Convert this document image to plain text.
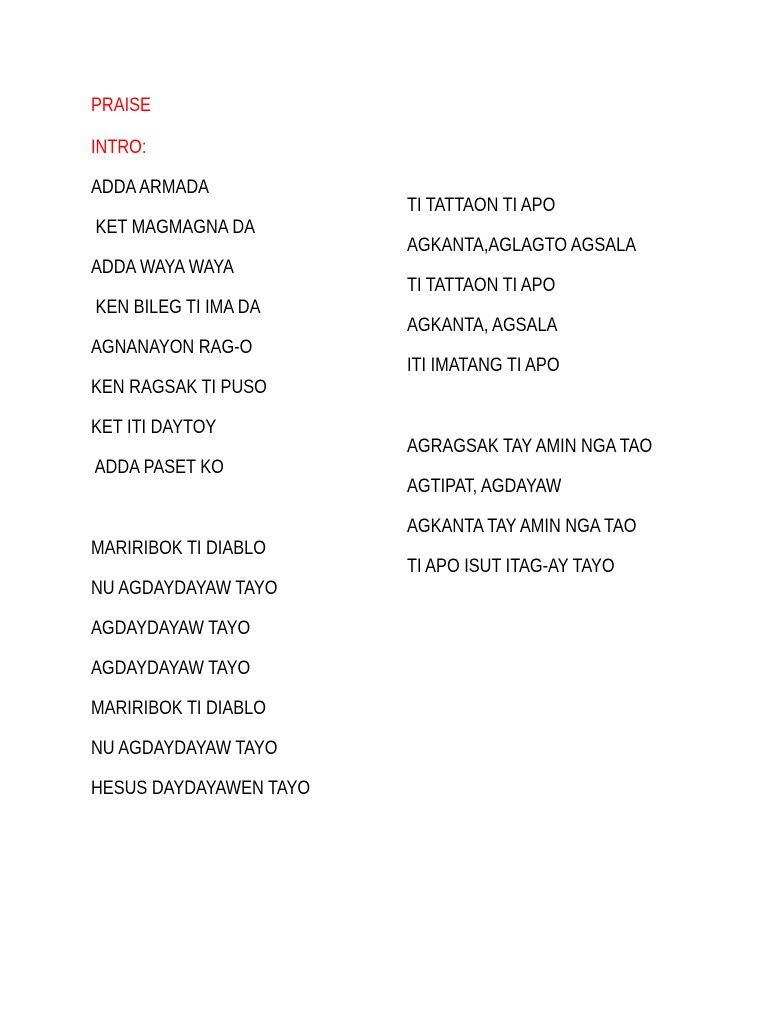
PRAISE
INTRO:
ADDA ARMADA
KET MAGMAGNA DA
ADDA WAYA WAYA
KEN BILEG TI IMA DA
AGNANAYON RAG-O
KEN RAGSAK TI PUSO
KET ITI DAYTOY
ADDA PASET KO
MARIRIBOK TI DIABLO
NU AGDAYDAYAW TAYO
AGDAYDAYAW TAYO
AGDAYDAYAW TAYO
MARIRIBOK TI DIABLO
NU AGDAYDAYAW TAYO
HESUS DAYDAYAWEN TAYO
TI TATTAON TI APO
AGKANTA,AGLAGTO AGSALA
TI TATTAON TI APO
AGKANTA, AGSALA
ITI IMATANG TI APO
AGRAGSAK TAY AMIN NGA TAO
AGTIPAT, AGDAYAW
AGKANTA TAY AMIN NGA TAO
TI APO ISUT ITAG-AY TAYO
